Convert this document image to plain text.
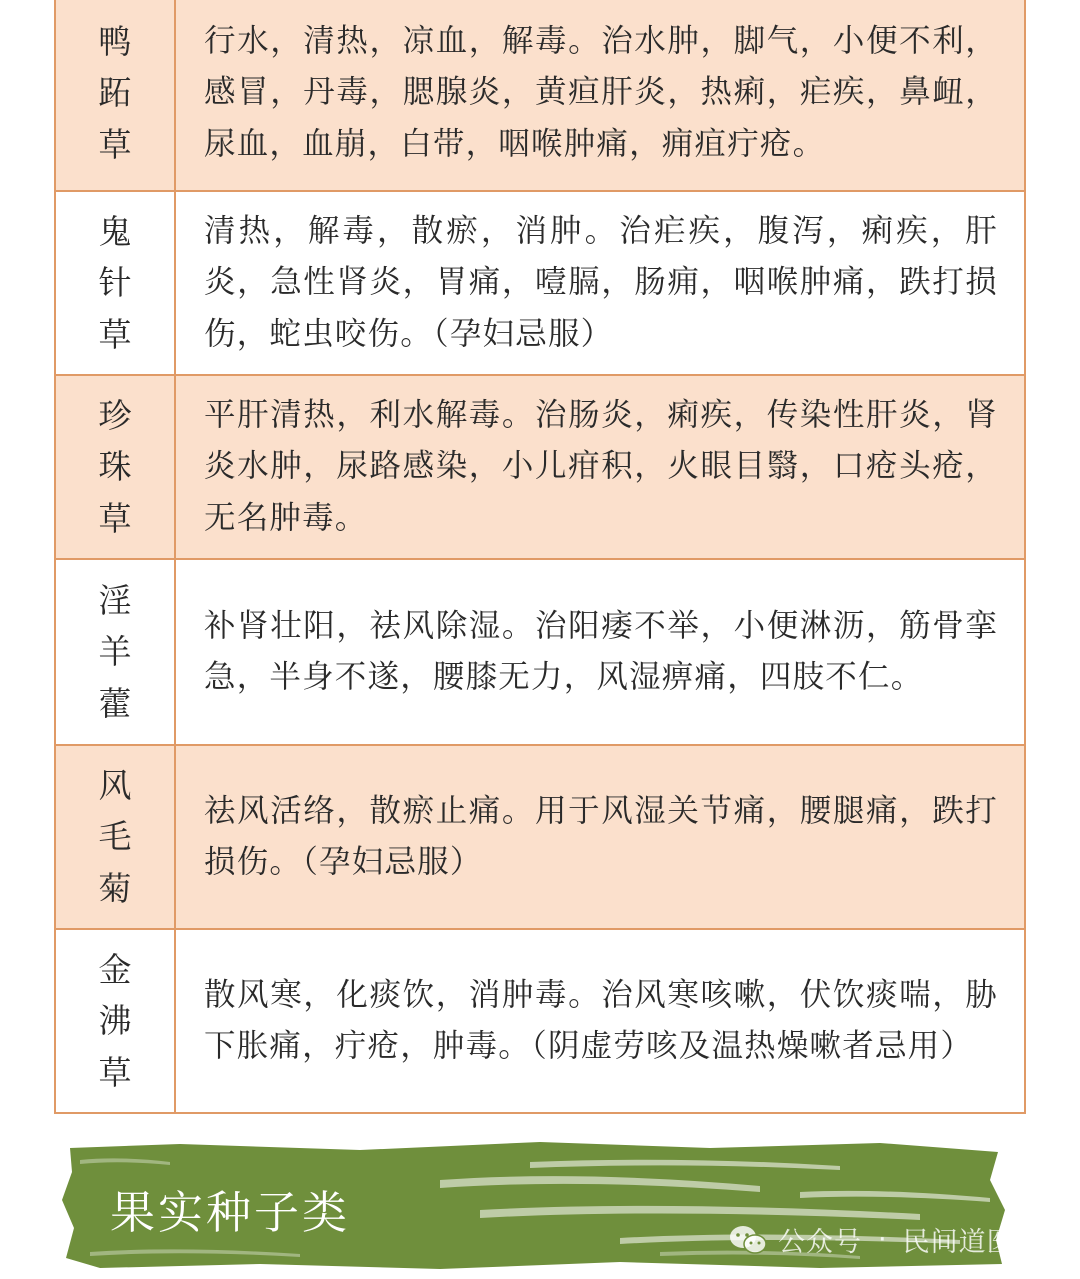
鸭
跖
草	行水，清热，凉血，解毒。治水肿，脚气，小便不利，感冒，丹毒，腮腺炎，黄疸肝炎，热痢，疟疾，鼻衄，尿血，血崩，白带，咽喉肿痛，痈疽疔疮。

鬼
针
草	清热，解毒，散瘀，消肿。治疟疾，腹泻，痢疾，肝炎，急性肾炎，胃痛，噎膈，肠痈，咽喉肿痛，跌打损伤，蛇虫咬伤。（孕妇忌服）

珍
珠
草	平肝清热，利水解毒。治肠炎，痢疾，传染性肝炎，肾炎水肿，尿路感染，小儿疳积，火眼目翳，口疮头疮，无名肿毒。

淫
羊
藿	补肾壮阳，祛风除湿。治阳痿不举，小便淋沥，筋骨挛急，半身不遂，腰膝无力，风湿痹痛，四肢不仁。

风
毛
菊	祛风活络，散瘀止痛。用于风湿关节痛，腰腿痛，跌打损伤。（孕妇忌服）

金
沸
草	散风寒，化痰饮，消肿毒。治风寒咳嗽，伏饮痰喘，胁下胀痛，疔疮，肿毒。（阴虚劳咳及温热燥嗽者忌用）
果实种子类
公众号 · 民间道医堂
